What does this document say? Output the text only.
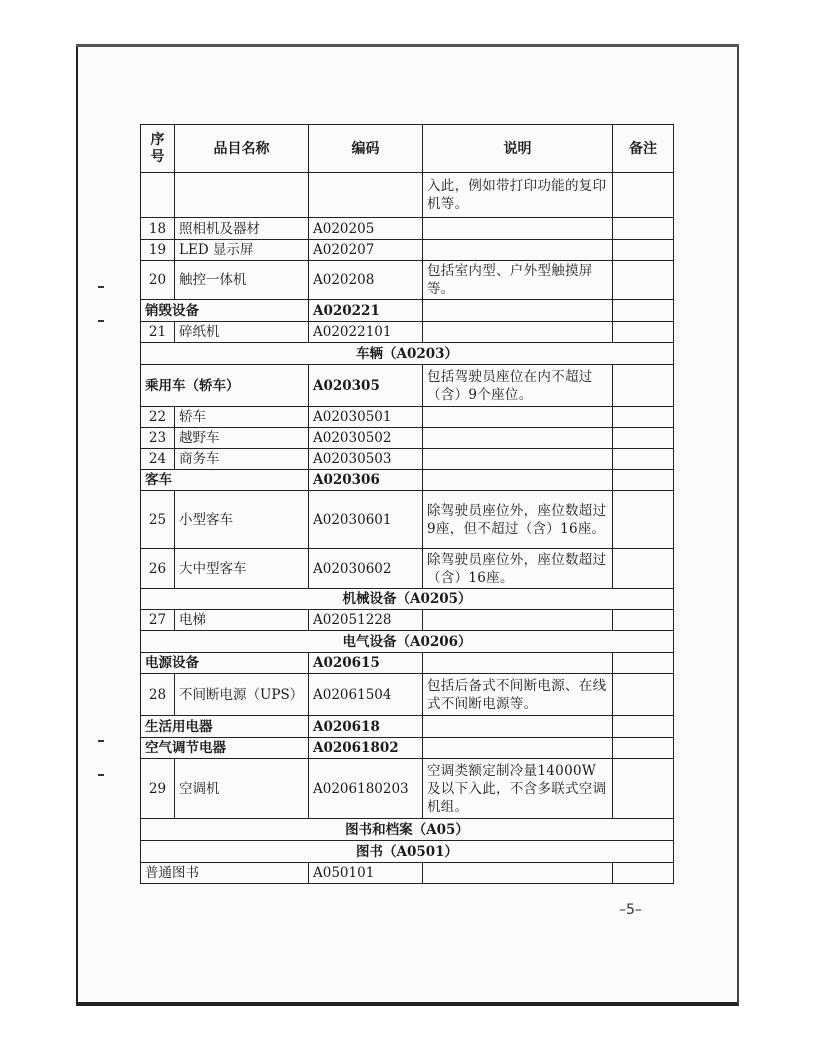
序号	品目名称	编码	说明	备注
			入此，例如带打印功能的复印机等。	
18	照相机及器材	A020205		
19	LED 显示屏	A020207		
20	触控一体机	A020208	包括室内型、户外型触摸屏等。	
销毁设备		A020221		
21	碎纸机	A02022101		
车辆（A0203）				
乘用车（轿车）		A020305	包括驾驶员座位在内不超过（含）9个座位。	
22	轿车	A02030501		
23	越野车	A02030502		
24	商务车	A02030503		
客车		A020306		
25	小型客车	A02030601	除驾驶员座位外，座位数超过9座，但不超过（含）16座。	
26	大中型客车	A02030602	除驾驶员座位外，座位数超过（含）16座。	
机械设备（A0205）				
27	电梯	A02051228		
电气设备（A0206）				
电源设备		A020615		
28	不间断电源（UPS）	A02061504	包括后备式不间断电源、在线式不间断电源等。	
生活用电器		A020618		
空气调节电器		A02061802		
29	空调机	A0206180203	空调类额定制冷量14000W及以下入此，不含多联式空调机组。	
图书和档案（A05）				
图书（A0501）				
普通图书		A050101		
–5–
